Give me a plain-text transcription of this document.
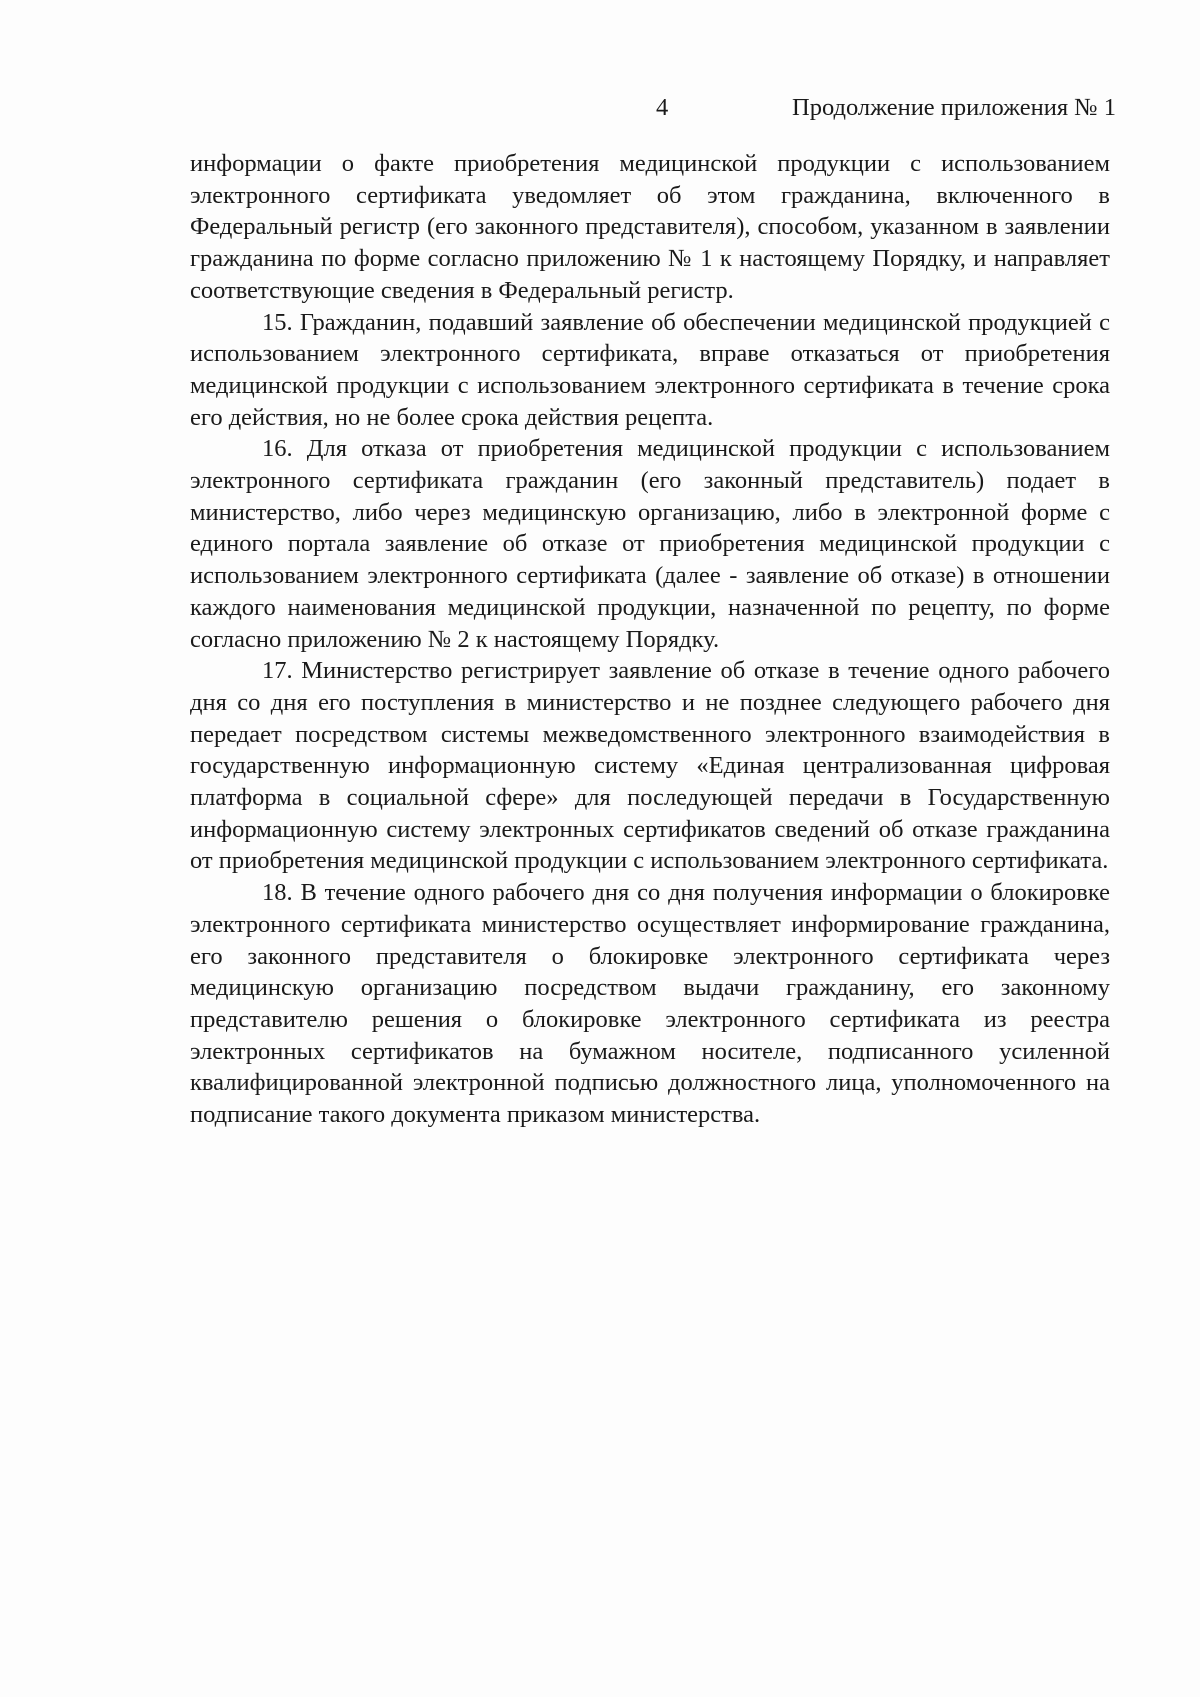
4	Продолжение приложения № 1

информации о факте приобретения медицинской продукции с использованием электронного сертификата уведомляет об этом гражданина, включенного в Федеральный регистр (его законного представителя), способом, указанном в заявлении гражданина по форме согласно приложению № 1 к настоящему Порядку, и направляет соответствующие сведения в Федеральный регистр.

15. Гражданин, подавший заявление об обеспечении медицинской продукцией с использованием электронного сертификата, вправе отказаться от приобретения медицинской продукции с использованием электронного сертификата в течение срока его действия, но не более срока действия рецепта.

16. Для отказа от приобретения медицинской продукции с использованием электронного сертификата гражданин (его законный представитель) подает в министерство, либо через медицинскую организацию, либо в электронной форме с единого портала заявление об отказе от приобретения медицинской продукции с использованием электронного сертификата (далее - заявление об отказе) в отношении каждого наименования медицинской продукции, назначенной по рецепту, по форме согласно приложению № 2 к настоящему Порядку.

17. Министерство регистрирует заявление об отказе в течение одного рабочего дня со дня его поступления в министерство и не позднее следующего рабочего дня передает посредством системы межведомственного электронного взаимодействия в государственную информационную систему «Единая централизованная цифровая платформа в социальной сфере» для последующей передачи в Государственную информационную систему электронных сертификатов сведений об отказе гражданина от приобретения медицинской продукции с использованием электронного сертификата.

18. В течение одного рабочего дня со дня получения информации о блокировке электронного сертификата министерство осуществляет информирование гражданина, его законного представителя о блокировке электронного сертификата через медицинскую организацию посредством выдачи гражданину, его законному представителю решения о блокировке электронного сертификата из реестра электронных сертификатов на бумажном носителе, подписанного усиленной квалифицированной электронной подписью должностного лица, уполномоченного на подписание такого документа приказом министерства.
